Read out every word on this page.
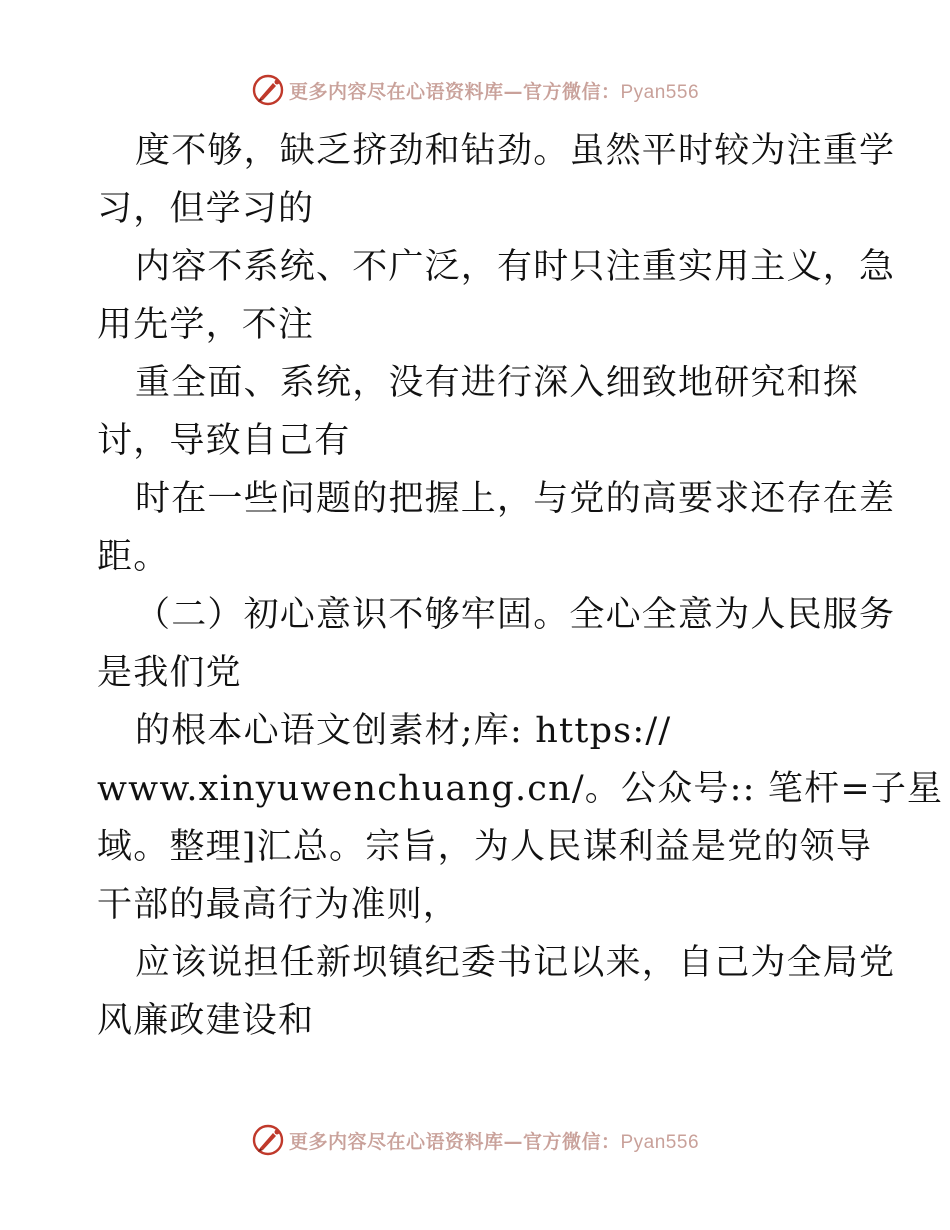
更多内容尽在心语资料库—官方微信：Pyan556
度不够，缺乏挤劲和钻劲。虽然平时较为注重学
习，但学习的
内容不系统、不广泛，有时只注重实用主义，急
用先学，不注
重全面、系统，没有进行深入细致地研究和探
讨，导致自己有
时在一些问题的把握上，与党的高要求还存在差
距。
（二）初心意识不够牢固。全心全意为人民服务
是我们党
的根本心语文创素材;库: https://
www.xinyuwenchuang.cn/。公众号:: 笔杆=子星
域。整理]汇总。宗旨，为人民谋利益是党的领导
干部的最高行为准则，
应该说担任新坝镇纪委书记以来，自己为全局党
风廉政建设和
更多内容尽在心语资料库—官方微信：Pyan556
